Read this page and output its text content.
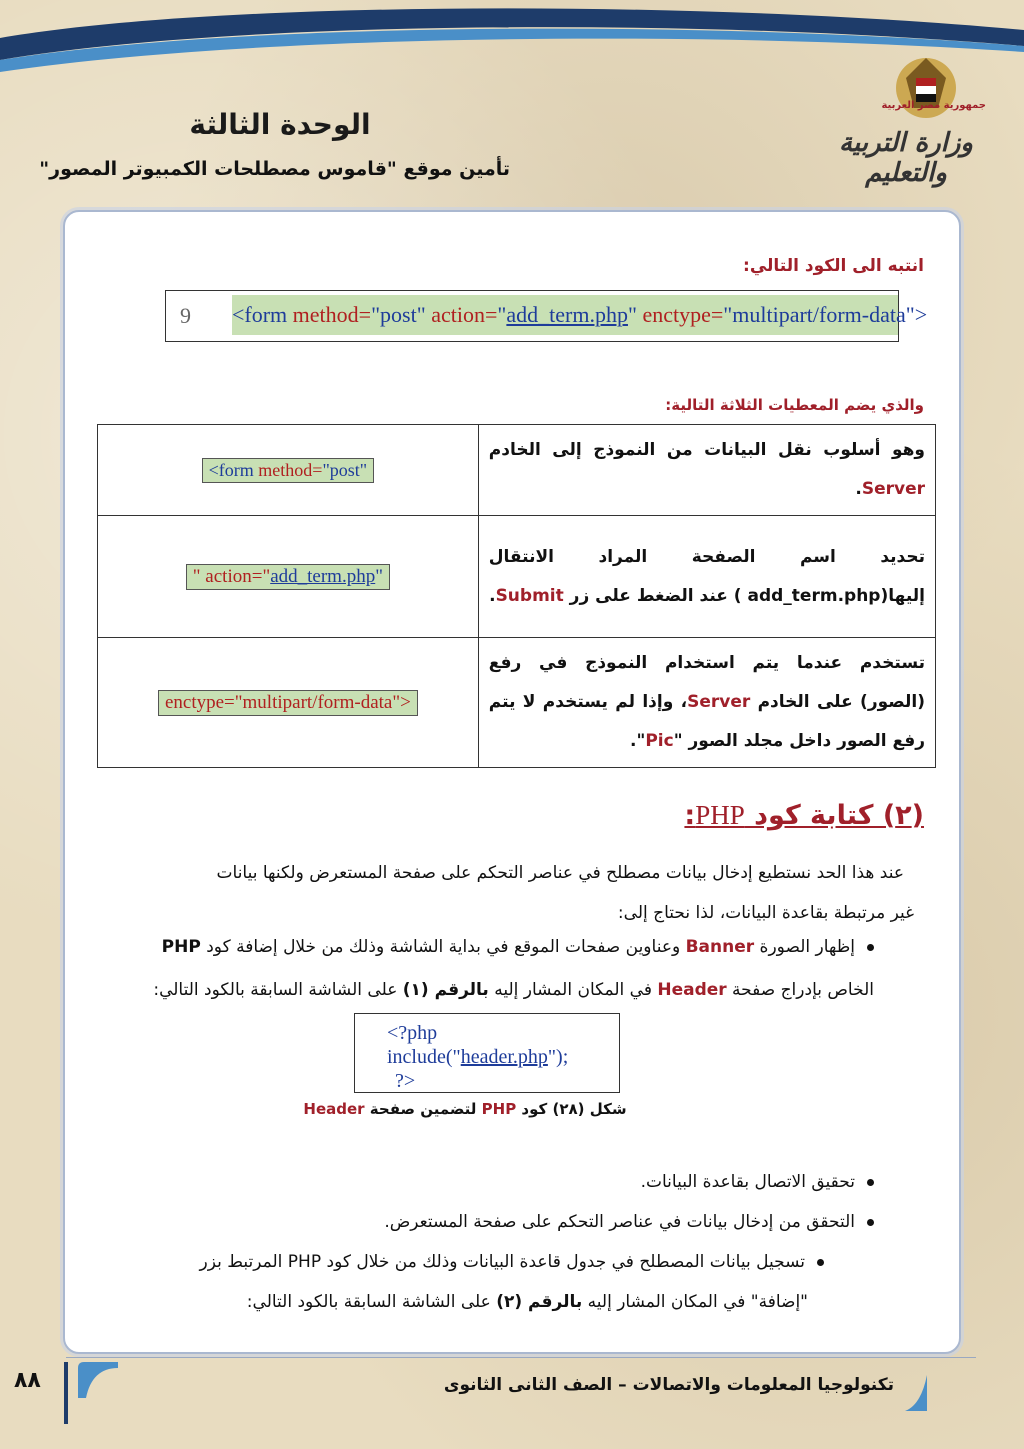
جمهورية مصر العربية
وزارة التربية والتعليم
الوحدة الثالثة
تأمين موقع "قاموس مصطلحات الكمبيوتر المصور"
انتبه الى الكود التالي:
9 <form method="post" action="add_term.php" enctype="multipart/form-data">
والذي يضم المعطيات الثلاثة التالية:
<form method="post"	وهو أسلوب نقل البيانات من النموذج إلى الخادم Server.
" action="add_term.php"	تحديد اسم الصفحة المراد الانتقال إليها(add_term.php ) عند الضغط على زر Submit.
enctype="multipart/form-data">	تستخدم عندما يتم استخدام النموذج في رفع (الصور) على الخادم Server، وإذا لم يستخدم لا يتم رفع الصور داخل مجلد الصور "Pic".
(٢) كتابة كود PHP:
عند هذا الحد نستطيع إدخال بيانات مصطلح في عناصر التحكم على صفحة المستعرض ولكنها بيانات
غير مرتبطة بقاعدة البيانات، لذا نحتاج إلى:
إظهار الصورة Banner وعناوين صفحات الموقع في بداية الشاشة وذلك من خلال إضافة كود PHP
الخاص بإدراج صفحة Header في المكان المشار إليه بالرقم (١) على الشاشة السابقة بالكود التالي:
<?php
include("header.php");
?>
شكل (٢٨) كود PHP لتضمين صفحة Header
تحقيق الاتصال بقاعدة البيانات.
التحقق من إدخال بيانات في عناصر التحكم على صفحة المستعرض.
تسجيل بيانات المصطلح في جدول قاعدة البيانات وذلك من خلال كود PHP المرتبط بزر
"إضافة" في المكان المشار إليه بالرقم (٢) على الشاشة السابقة بالكود التالي:
تكنولوجيا المعلومات والاتصالات – الصف الثانى الثانوى
٨٨
